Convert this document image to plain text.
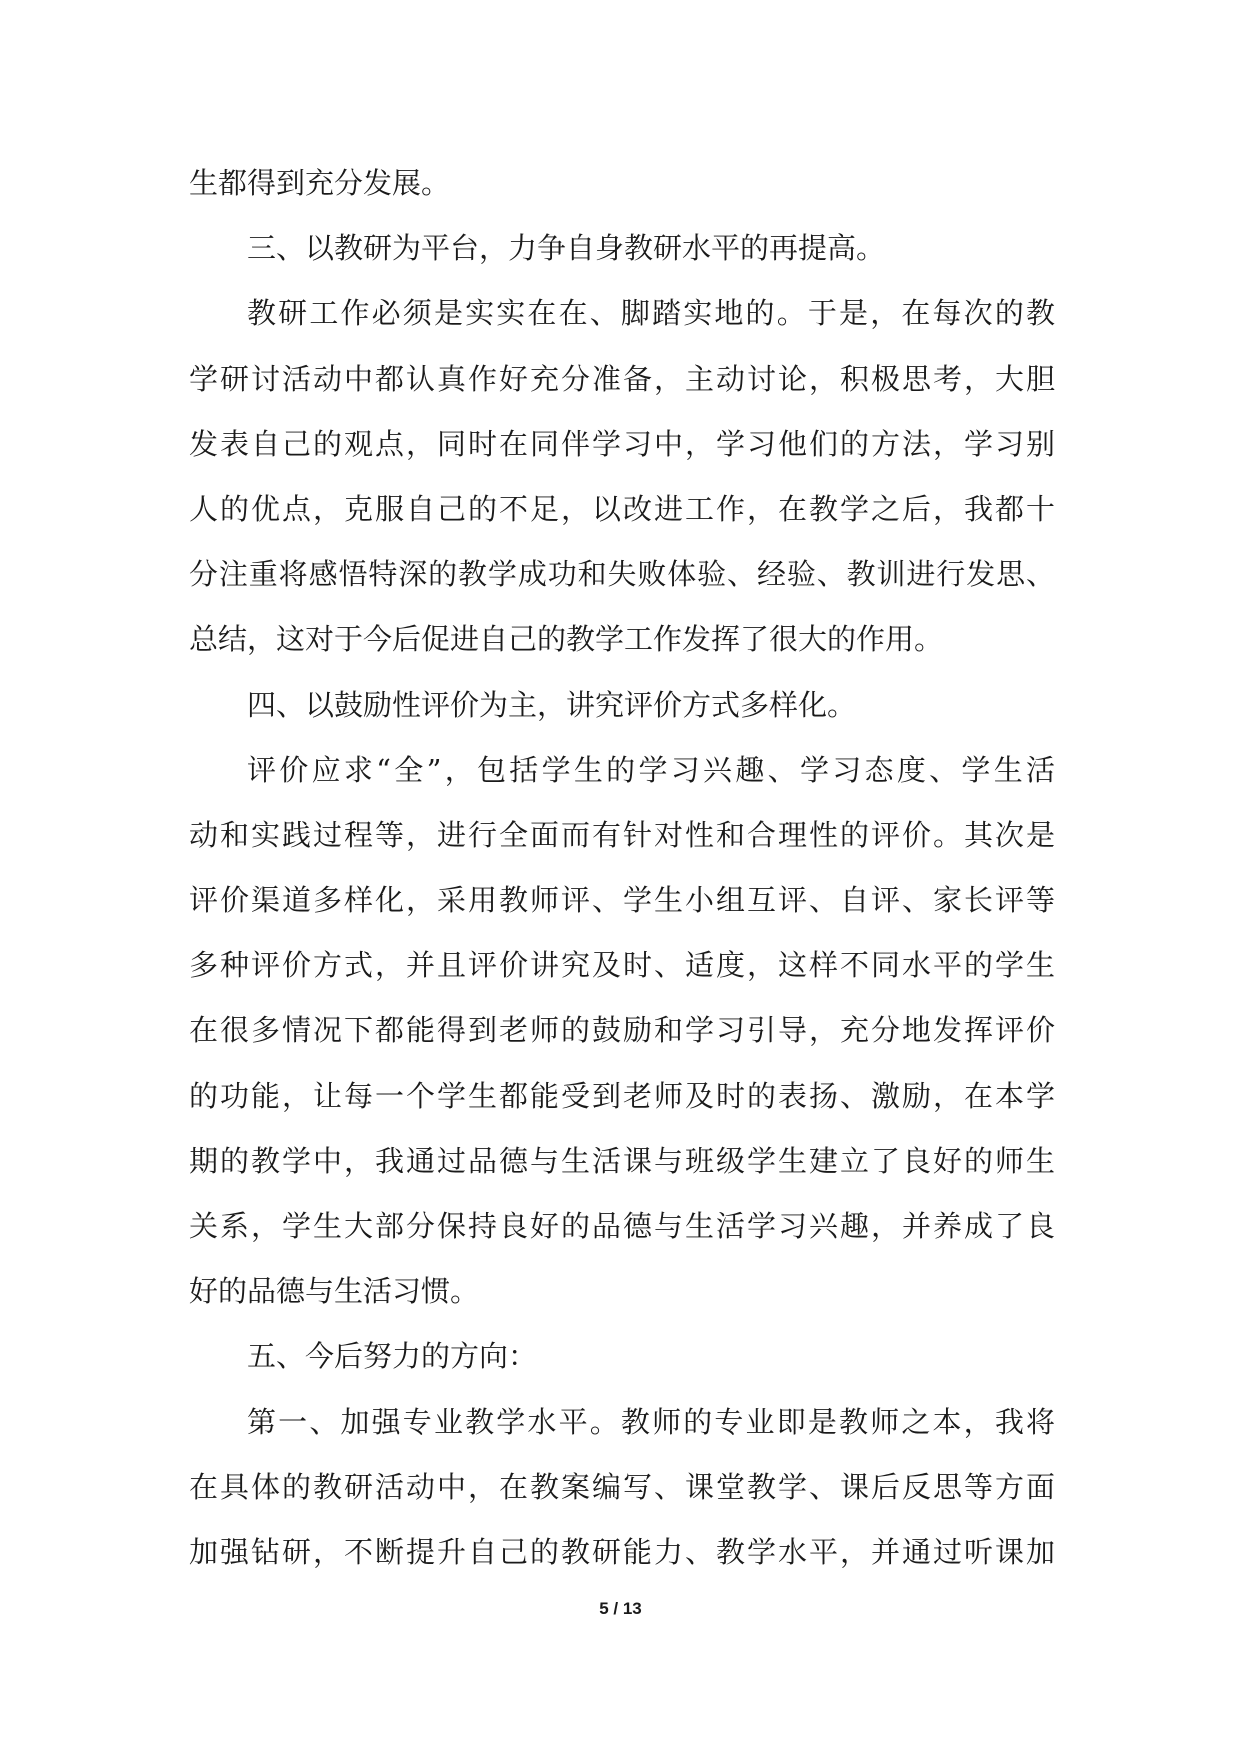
生都得到充分发展。
三、以教研为平台，力争自身教研水平的再提高。
教研工作必须是实实在在、脚踏实地的。于是，在每次的教
学研讨活动中都认真作好充分准备，主动讨论，积极思考，大胆
发表自己的观点，同时在同伴学习中，学习他们的方法，学习别
人的优点，克服自己的不足，以改进工作，在教学之后，我都十
分注重将感悟特深的教学成功和失败体验、经验、教训进行发思、
总结，这对于今后促进自己的教学工作发挥了很大的作用。
四、以鼓励性评价为主，讲究评价方式多样化。
评价应求“全”，包括学生的学习兴趣、学习态度、学生活
动和实践过程等，进行全面而有针对性和合理性的评价。其次是
评价渠道多样化，采用教师评、学生小组互评、自评、家长评等
多种评价方式，并且评价讲究及时、适度，这样不同水平的学生
在很多情况下都能得到老师的鼓励和学习引导，充分地发挥评价
的功能，让每一个学生都能受到老师及时的表扬、激励，在本学
期的教学中，我通过品德与生活课与班级学生建立了良好的师生
关系，学生大部分保持良好的品德与生活学习兴趣，并养成了良
好的品德与生活习惯。
五、今后努力的方向：
第一、加强专业教学水平。教师的专业即是教师之本，我将
在具体的教研活动中，在教案编写、课堂教学、课后反思等方面
加强钻研，不断提升自己的教研能力、教学水平，并通过听课加
5 / 13
